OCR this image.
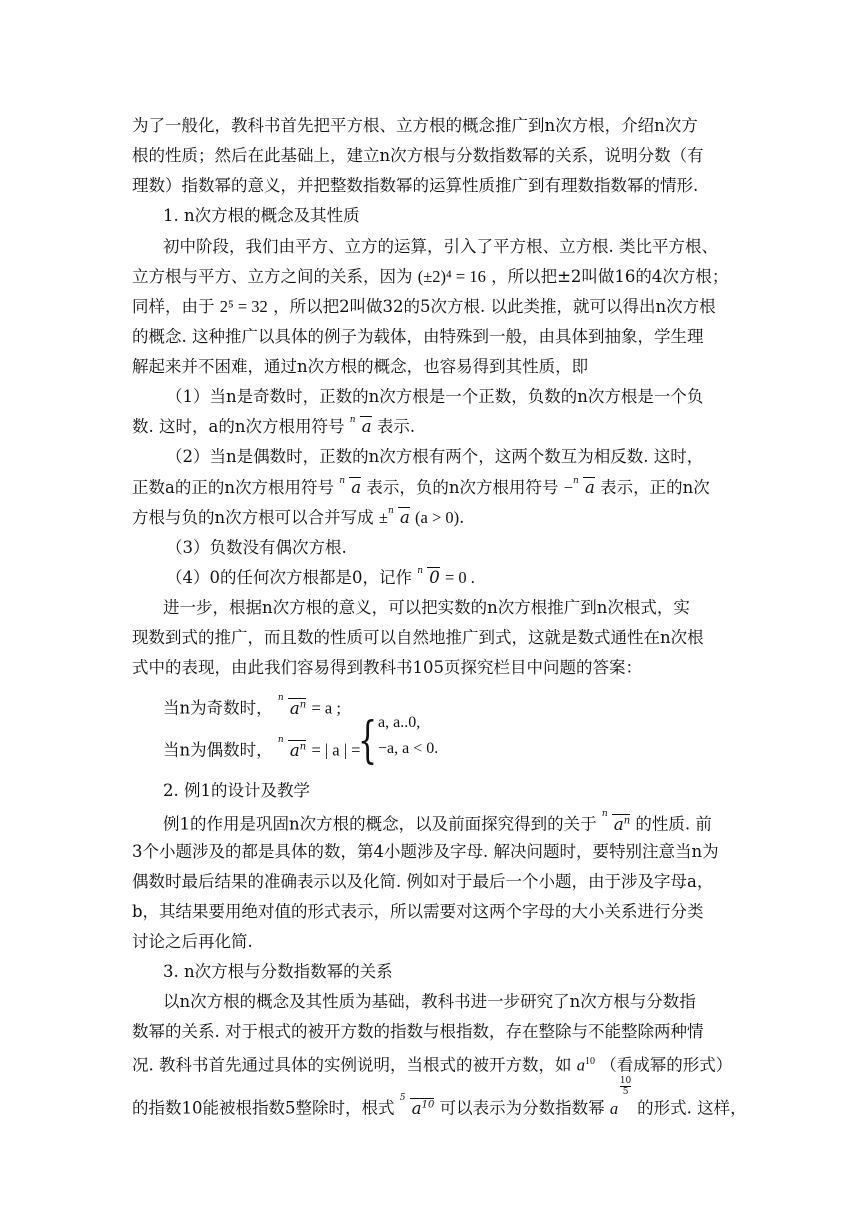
为了一般化，教科书首先把平方根、立方根的概念推广到n次方根，介绍n次方
根的性质；然后在此基础上，建立n次方根与分数指数幂的关系，说明分数（有
理数）指数幂的意义，并把整数指数幂的运算性质推广到有理数指数幂的情形.
1. n次方根的概念及其性质
初中阶段，我们由平方、立方的运算，引入了平方根、立方根. 类比平方根、
立方根与平方、立方之间的关系，因为 (±2)⁴ = 16 ，所以把±2叫做16的4次方根；
同样，由于 2⁵ = 32 ，所以把2叫做32的5次方根. 以此类推，就可以得出n次方根
的概念. 这种推广以具体的例子为载体，由特殊到一般，由具体到抽象，学生理
解起来并不困难，通过n次方根的概念，也容易得到其性质，即
（1）当n是奇数时，正数的n次方根是一个正数，负数的n次方根是一个负
数. 这时，a的n次方根用符号 n a 表示.
（2）当n是偶数时，正数的n次方根有两个，这两个数互为相反数. 这时，
正数a的正的n次方根用符号 n a 表示，负的n次方根用符号 − n a 表示，正的n次
方根与负的n次方根可以合并写成 ± n a (a > 0).
（3）负数没有偶次方根.
（4）0的任何次方根都是0，记作 n 0 = 0 .
进一步，根据n次方根的意义，可以把实数的n次方根推广到n次根式，实
现数到式的推广，而且数的性质可以自然地推广到式，这就是数式通性在n次根
式中的表现，由此我们容易得到教科书105页探究栏目中问题的答案：
当n为奇数时，
n
$a^n = a$ ;
当n为偶数时，
n
$a^n$ = | a | =
{ a, a..0,
−a, a < 0.
2. 例1的设计及教学
例1的作用是巩固n次方根的概念，以及前面探究得到的关于
n
$a^n$ 的性质. 前
3个小题涉及的都是具体的数，第4小题涉及字母. 解决问题时，要特别注意当n为
偶数时最后结果的准确表示以及化简. 例如对于最后一个小题，由于涉及字母a，
b，其结果要用绝对值的形式表示，所以需要对这两个字母的大小关系进行分类
讨论之后再化简.
3. n次方根与分数指数幂的关系
以n次方根的概念及其性质为基础，教科书进一步研究了n次方根与分数指
数幂的关系. 对于根式的被开方数的指数与根指数，存在整除与不能整除两种情
况. 教科书首先通过具体的实例说明，当根式的被开方数，如 $a^{10}$ （看成幂的形式）
的指数10能被根指数5整除时，根式
5
$a^{10}$ 可以表示为分数指数幂 a
10
5
的形式. 这样，
